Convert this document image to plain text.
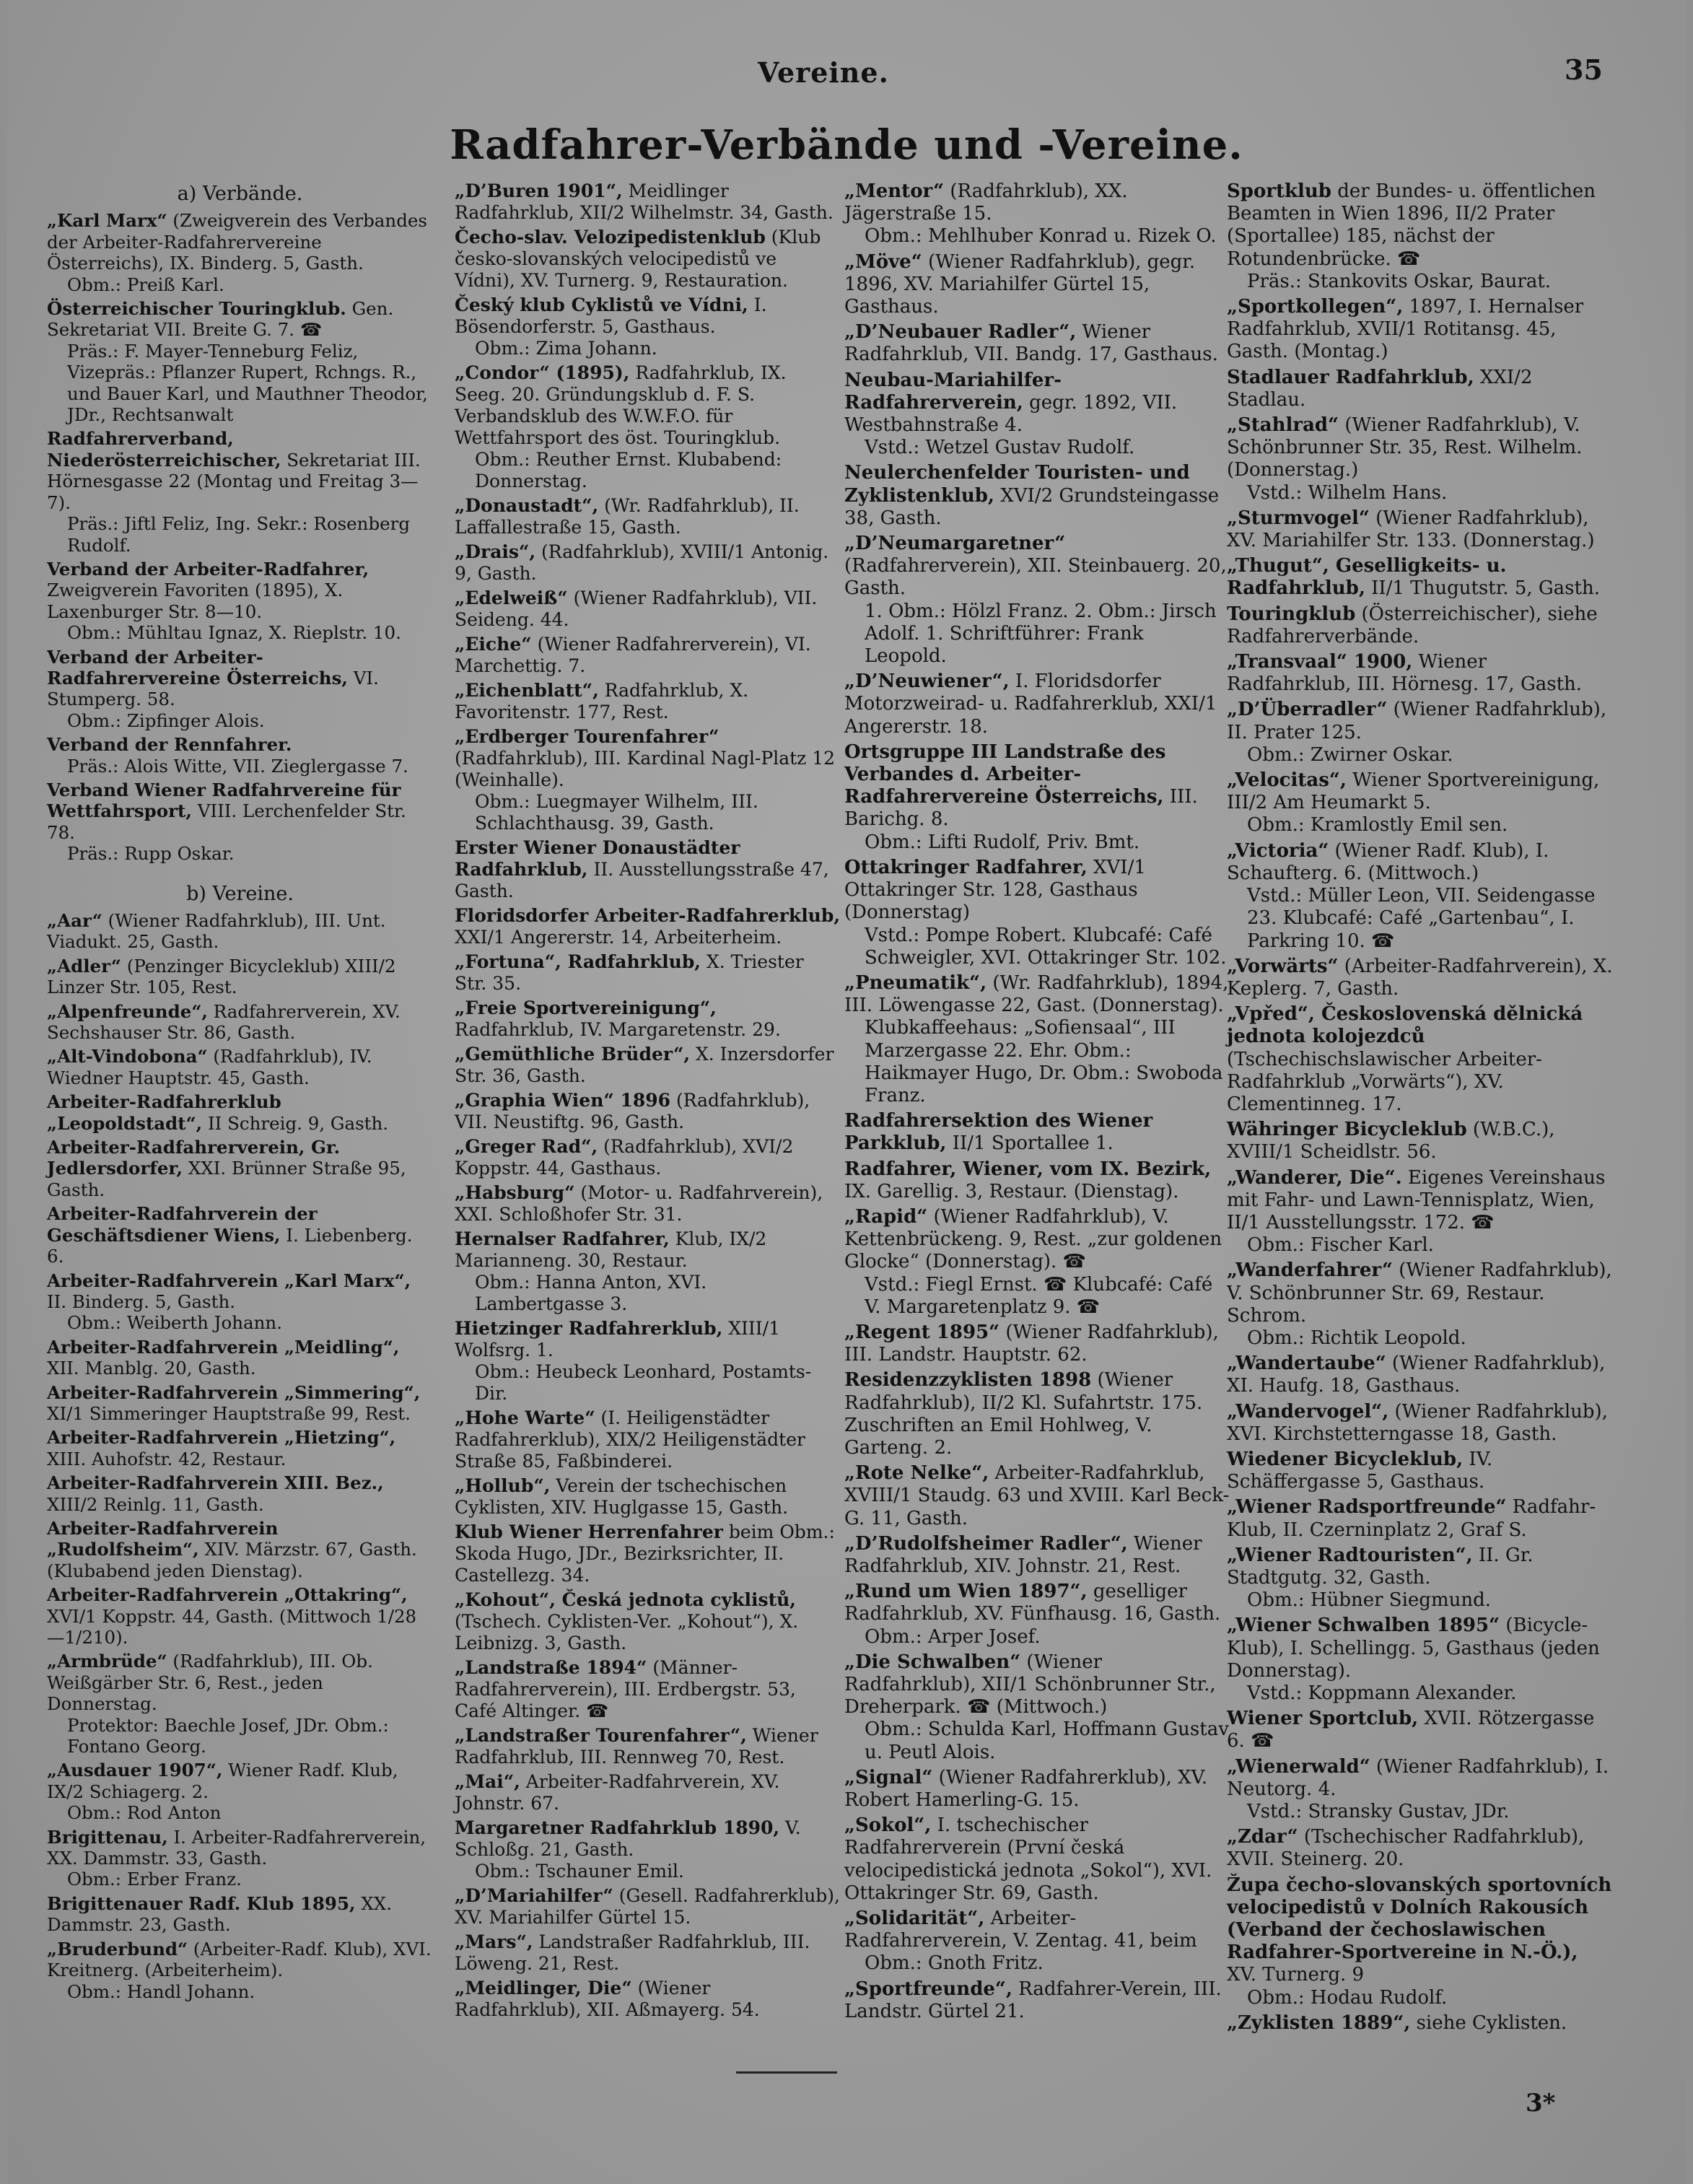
Vereine.	35
Radfahrer-Verbände und -Vereine.
a) Verbände.
„Karl Marx“ (Zweigverein des Verbandes der Arbeiter-Radfahrervereine Österreichs), IX. Binderg. 5, Gasth.
Obm.: Preiß Karl.
Österreichischer Touringklub. Gen. Sekretariat VII. Breite G. 7. ☎
Präs.: F. Mayer-Tenneburg Feliz, Vizepräs.: Pflanzer Rupert, Rchngs. R., und Bauer Karl, und Mauthner Theodor, JDr., Rechtsanwalt
Radfahrerverband, Niederösterreichischer, Sekretariat III. Hörnesgasse 22 (Montag und Freitag 3—7).
Präs.: Jiftl Feliz, Ing. Sekr.: Rosenberg Rudolf.
Verband der Arbeiter-Radfahrer, Zweigverein Favoriten (1895), X. Laxenburger Str. 8—10.
Obm.: Mühltau Ignaz, X. Rieplstr. 10.
Verband der Arbeiter-Radfahrervereine Österreichs, VI. Stumperg. 58.
Obm.: Zipfinger Alois.
Verband der Rennfahrer.
Präs.: Alois Witte, VII. Zieglergasse 7.
Verband Wiener Radfahrvereine für Wettfahrsport, VIII. Lerchenfelder Str. 78.
Präs.: Rupp Oskar.
b) Vereine.
„Aar“ (Wiener Radfahrklub), III. Unt. Viadukt. 25, Gasth.
„Adler“ (Penzinger Bicycleklub) XIII/2 Linzer Str. 105, Rest.
„Alpenfreunde“, Radfahrerverein, XV. Sechshauser Str. 86, Gasth.
„Alt-Vindobona“ (Radfahrklub), IV. Wiedner Hauptstr. 45, Gasth.
Arbeiter-Radfahrerklub „Leopoldstadt“, II Schreig. 9, Gasth.
Arbeiter-Radfahrerverein, Gr. Jedlersdorfer, XXI. Brünner Straße 95, Gasth.
Arbeiter-Radfahrverein der Geschäftsdiener Wiens, I. Liebenberg. 6.
Arbeiter-Radfahrverein „Karl Marx“, II. Binderg. 5, Gasth.
Obm.: Weiberth Johann.
Arbeiter-Radfahrverein „Meidling“, XII. Manblg. 20, Gasth.
Arbeiter-Radfahrverein „Simmering“, XI/1 Simmeringer Hauptstraße 99, Rest.
Arbeiter-Radfahrverein „Hietzing“, XIII. Auhofstr. 42, Restaur.
Arbeiter-Radfahrverein XIII. Bez., XIII/2 Reinlg. 11, Gasth.
Arbeiter-Radfahrverein „Rudolfsheim“, XIV. Märzstr. 67, Gasth. (Klubabend jeden Dienstag).
Arbeiter-Radfahrverein „Ottakring“, XVI/1 Koppstr. 44, Gasth. (Mittwoch 1/28—1/210).
„Armbrüde“ (Radfahrklub), III. Ob. Weißgärber Str. 6, Rest., jeden Donnerstag.
Protektor: Baechle Josef, JDr. Obm.: Fontano Georg.
„Ausdauer 1907“, Wiener Radf. Klub, IX/2 Schiagerg. 2.
Obm.: Rod Anton
Brigittenau, I. Arbeiter-Radfahrerverein, XX. Dammstr. 33, Gasth.
Obm.: Erber Franz.
Brigittenauer Radf. Klub 1895, XX. Dammstr. 23, Gasth.
„Bruderbund“ (Arbeiter-Radf. Klub), XVI. Kreitnerg. (Arbeiterheim).
Obm.: Handl Johann.
„D’Buren 1901“, Meidlinger Radfahrklub, XII/2 Wilhelmstr. 34, Gasth.
Čecho-slav. Velozipedistenklub (Klub česko-slovanských velocipedistů ve Vídni), XV. Turnerg. 9, Restauration.
Český klub Cyklistů ve Vídni, I. Bösendorferstr. 5, Gasthaus.
Obm.: Zima Johann.
„Condor“ (1895), Radfahrklub, IX. Seeg. 20. Gründungsklub d. F. S. Verbandsklub des W.W.F.O. für Wettfahrsport des öst. Touringklub.
Obm.: Reuther Ernst. Klubabend: Donnerstag.
„Donaustadt“, (Wr. Radfahrklub), II. Laffallestraße 15, Gasth.
„Drais“, (Radfahrklub), XVIII/1 Antonig. 9, Gasth.
„Edelweiß“ (Wiener Radfahrklub), VII. Seideng. 44.
„Eiche“ (Wiener Radfahrerverein), VI. Marchettig. 7.
„Eichenblatt“, Radfahrklub, X. Favoritenstr. 177, Rest.
„Erdberger Tourenfahrer“ (Radfahrklub), III. Kardinal Nagl-Platz 12 (Weinhalle).
Obm.: Luegmayer Wilhelm, III. Schlachthausg. 39, Gasth.
Erster Wiener Donaustädter Radfahrklub, II. Ausstellungsstraße 47, Gasth.
Floridsdorfer Arbeiter-Radfahrerklub, XXI/1 Angererstr. 14, Arbeiterheim.
„Fortuna“, Radfahrklub, X. Triester Str. 35.
„Freie Sportvereinigung“, Radfahrklub, IV. Margaretenstr. 29.
„Gemüthliche Brüder“, X. Inzersdorfer Str. 36, Gasth.
„Graphia Wien“ 1896 (Radfahrklub), VII. Neustiftg. 96, Gasth.
„Greger Rad“, (Radfahrklub), XVI/2 Koppstr. 44, Gasthaus.
„Habsburg“ (Motor- u. Radfahrverein), XXI. Schloßhofer Str. 31.
Hernalser Radfahrer, Klub, IX/2 Marianneng. 30, Restaur.
Obm.: Hanna Anton, XVI. Lambertgasse 3.
Hietzinger Radfahrerklub, XIII/1 Wolfsrg. 1.
Obm.: Heubeck Leonhard, Postamts-Dir.
„Hohe Warte“ (I. Heiligenstädter Radfahrerklub), XIX/2 Heiligenstädter Straße 85, Faßbinderei.
„Hollub“, Verein der tschechischen Cyklisten, XIV. Huglgasse 15, Gasth.
Klub Wiener Herrenfahrer beim Obm.: Skoda Hugo, JDr., Bezirksrichter, II. Castellezg. 34.
„Kohout“, Česká jednota cyklistů, (Tschech. Cyklisten-Ver. „Kohout“), X. Leibnizg. 3, Gasth.
„Landstraße 1894“ (Männer-Radfahrerverein), III. Erdbergstr. 53, Café Altinger. ☎
„Landstraßer Tourenfahrer“, Wiener Radfahrklub, III. Rennweg 70, Rest.
„Mai“, Arbeiter-Radfahrverein, XV. Johnstr. 67.
Margaretner Radfahrklub 1890, V. Schloßg. 21, Gasth.
Obm.: Tschauner Emil.
„D’Mariahilfer“ (Gesell. Radfahrerklub), XV. Mariahilfer Gürtel 15.
„Mars“, Landstraßer Radfahrklub, III. Löweng. 21, Rest.
„Meidlinger, Die“ (Wiener Radfahrklub), XII. Aßmayerg. 54.
„Mentor“ (Radfahrklub), XX. Jägerstraße 15.
Obm.: Mehlhuber Konrad u. Rizek O.
„Möve“ (Wiener Radfahrklub), gegr. 1896, XV. Mariahilfer Gürtel 15, Gasthaus.
„D’Neubauer Radler“, Wiener Radfahrklub, VII. Bandg. 17, Gasthaus.
Neubau-Mariahilfer-Radfahrerverein, gegr. 1892, VII. Westbahnstraße 4.
Vstd.: Wetzel Gustav Rudolf.
Neulerchenfelder Touristen- und Zyklistenklub, XVI/2 Grundsteingasse 38, Gasth.
„D’Neumargaretner“ (Radfahrerverein), XII. Steinbauerg. 20, Gasth.
1. Obm.: Hölzl Franz. 2. Obm.: Jirsch Adolf. 1. Schriftführer: Frank Leopold.
„D’Neuwiener“, I. Floridsdorfer Motorzweirad- u. Radfahrerklub, XXI/1 Angererstr. 18.
Ortsgruppe III Landstraße des Verbandes d. Arbeiter-Radfahrervereine Österreichs, III. Barichg. 8.
Obm.: Lifti Rudolf, Priv. Bmt.
Ottakringer Radfahrer, XVI/1 Ottakringer Str. 128, Gasthaus (Donnerstag)
Vstd.: Pompe Robert. Klubcafé: Café Schweigler, XVI. Ottakringer Str. 102.
„Pneumatik“, (Wr. Radfahrklub), 1894, III. Löwengasse 22, Gast. (Donnerstag).
Klubkaffeehaus: „Sofiensaal“, III Marzergasse 22. Ehr. Obm.: Haikmayer Hugo, Dr. Obm.: Swoboda Franz.
Radfahrersektion des Wiener Parkklub, II/1 Sportallee 1.
Radfahrer, Wiener, vom IX. Bezirk, IX. Garellig. 3, Restaur. (Dienstag).
„Rapid“ (Wiener Radfahrklub), V. Kettenbrückeng. 9, Rest. „zur goldenen Glocke“ (Donnerstag). ☎
Vstd.: Fiegl Ernst. ☎ Klubcafé: Café V. Margaretenplatz 9. ☎
„Regent 1895“ (Wiener Radfahrklub), III. Landstr. Hauptstr. 62.
Residenzzyklisten 1898 (Wiener Radfahrklub), II/2 Kl. Sufahrtstr. 175. Zuschriften an Emil Hohlweg, V. Garteng. 2.
„Rote Nelke“, Arbeiter-Radfahrklub, XVIII/1 Staudg. 63 und XVIII. Karl Beck-G. 11, Gasth.
„D’Rudolfsheimer Radler“, Wiener Radfahrklub, XIV. Johnstr. 21, Rest.
„Rund um Wien 1897“, geselliger Radfahrklub, XV. Fünfhausg. 16, Gasth.
Obm.: Arper Josef.
„Die Schwalben“ (Wiener Radfahrklub), XII/1 Schönbrunner Str., Dreherpark. ☎ (Mittwoch.)
Obm.: Schulda Karl, Hoffmann Gustav u. Peutl Alois.
„Signal“ (Wiener Radfahrerklub), XV. Robert Hamerling-G. 15.
„Sokol“, I. tschechischer Radfahrerverein (První česká velocipedistická jednota „Sokol“), XVI. Ottakringer Str. 69, Gasth.
„Solidarität“, Arbeiter-Radfahrerverein, V. Zentag. 41, beim
Obm.: Gnoth Fritz.
„Sportfreunde“, Radfahrer-Verein, III. Landstr. Gürtel 21.
Sportklub der Bundes- u. öffentlichen Beamten in Wien 1896, II/2 Prater (Sportallee) 185, nächst der Rotundenbrücke. ☎
Präs.: Stankovits Oskar, Baurat.
„Sportkollegen“, 1897, I. Hernalser Radfahrklub, XVII/1 Rotitansg. 45, Gasth. (Montag.)
Stadlauer Radfahrklub, XXI/2 Stadlau.
„Stahlrad“ (Wiener Radfahrklub), V. Schönbrunner Str. 35, Rest. Wilhelm. (Donnerstag.)
Vstd.: Wilhelm Hans.
„Sturmvogel“ (Wiener Radfahrklub), XV. Mariahilfer Str. 133. (Donnerstag.)
„Thugut“, Geselligkeits- u. Radfahrklub, II/1 Thugutstr. 5, Gasth.
Touringklub (Österreichischer), siehe Radfahrerverbände.
„Transvaal“ 1900, Wiener Radfahrklub, III. Hörnesg. 17, Gasth.
„D’Überradler“ (Wiener Radfahrklub), II. Prater 125.
Obm.: Zwirner Oskar.
„Velocitas“, Wiener Sportvereinigung, III/2 Am Heumarkt 5.
Obm.: Kramlostly Emil sen.
„Victoria“ (Wiener Radf. Klub), I. Schaufterg. 6. (Mittwoch.)
Vstd.: Müller Leon, VII. Seidengasse 23. Klubcafé: Café „Gartenbau“, I. Parkring 10. ☎
„Vorwärts“ (Arbeiter-Radfahrverein), X. Keplerg. 7, Gasth.
„Vpřed“, Československá dělnická jednota kolojezdců (Tschechischslawischer Arbeiter-Radfahrklub „Vorwärts“), XV. Clementinneg. 17.
Währinger Bicycleklub (W.B.C.), XVIII/1 Scheidlstr. 56.
„Wanderer, Die“. Eigenes Vereinshaus mit Fahr- und Lawn-Tennisplatz, Wien, II/1 Ausstellungsstr. 172. ☎
Obm.: Fischer Karl.
„Wanderfahrer“ (Wiener Radfahrklub), V. Schönbrunner Str. 69, Restaur. Schrom.
Obm.: Richtik Leopold.
„Wandertaube“ (Wiener Radfahrklub), XI. Haufg. 18, Gasthaus.
„Wandervogel“, (Wiener Radfahrklub), XVI. Kirchstetterngasse 18, Gasth.
Wiedener Bicycleklub, IV. Schäffergasse 5, Gasthaus.
„Wiener Radsportfreunde“ Radfahr-Klub, II. Czerninplatz 2, Graf S.
„Wiener Radtouristen“, II. Gr. Stadtgutg. 32, Gasth.
Obm.: Hübner Siegmund.
„Wiener Schwalben 1895“ (Bicycle-Klub), I. Schellingg. 5, Gasthaus (jeden Donnerstag).
Vstd.: Koppmann Alexander.
Wiener Sportclub, XVII. Rötzergasse 6. ☎
„Wienerwald“ (Wiener Radfahrklub), I. Neutorg. 4.
Vstd.: Stransky Gustav, JDr.
„Zdar“ (Tschechischer Radfahrklub), XVII. Steinerg. 20.
Župa čecho-slovanských sportovních velocipedistů v Dolních Rakousích (Verband der čechoslawischen Radfahrer-Sportvereine in N.-Ö.), XV. Turnerg. 9
Obm.: Hodau Rudolf.
„Zyklisten 1889“, siehe Cyklisten.
3*
